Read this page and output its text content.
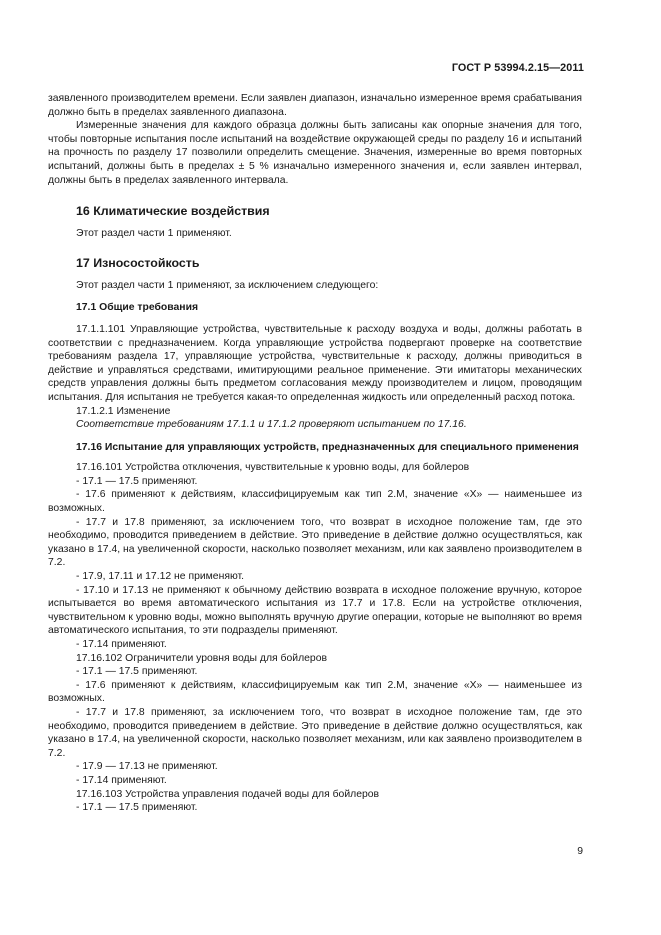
ГОСТ Р 53994.2.15—2011

заявленного производителем времени. Если заявлен диапазон, изначально измеренное время срабатывания должно быть в пределах заявленного диапазона.

Измеренные значения для каждого образца должны быть записаны как опорные значения для того, чтобы повторные испытания после испытаний на воздействие окружающей среды по разделу 16 и испытаний на прочность по разделу 17 позволили определить смещение. Значения, измеренные во время повторных испытаний, должны быть в пределах ± 5 % изначально измеренного значения и, если заявлен интервал, должны быть в пределах заявленного интервала.

16 Климатические воздействия

Этот раздел части 1 применяют.

17 Износостойкость

Этот раздел части 1 применяют, за исключением следующего:

17.1 Общие требования

17.1.1.101 Управляющие устройства, чувствительные к расходу воздуха и воды, должны работать в соответствии с предназначением. Когда управляющие устройства подвергают проверке на соответствие требованиям раздела 17, управляющие устройства, чувствительные к расходу, должны приводиться в действие и управляться средствами, имитирующими реальное применение. Эти имитаторы механических средств управления должны быть предметом согласования между производителем и лицом, проводящим испытания. Для испытания не требуется какая-то определенная жидкость или определенный расход потока.

17.1.2.1 Изменение

Соответствие требованиям 17.1.1 и 17.1.2 проверяют испытанием по 17.16.

17.16 Испытание для управляющих устройств, предназначенных для специального применения

17.16.101 Устройства отключения, чувствительные к уровню воды, для бойлеров

- 17.1 — 17.5 применяют.

- 17.6 применяют к действиям, классифицируемым как тип 2.М, значение «Х» — наименьшее из возможных.

- 17.7 и 17.8 применяют, за исключением того, что возврат в исходное положение там, где это необходимо, проводится приведением в действие. Это приведение в действие должно осуществляться, как указано в 17.4, на увеличенной скорости, насколько позволяет механизм, или как заявлено производителем в 7.2.

- 17.9, 17.11 и 17.12 не применяют.

- 17.10 и 17.13 не применяют к обычному действию возврата в исходное положение вручную, которое испытывается во время автоматического испытания из 17.7 и 17.8. Если на устройстве отключения, чувствительном к уровню воды, можно выполнять вручную другие операции, которые не выполняют во время автоматического испытания, то эти подразделы применяют.

- 17.14 применяют.

17.16.102 Ограничители уровня воды для бойлеров

- 17.1 — 17.5 применяют.

- 17.6 применяют к действиям, классифицируемым как тип 2.М, значение «Х» — наименьшее из возможных.

- 17.7 и 17.8 применяют, за исключением того, что возврат в исходное положение там, где это необходимо, проводится приведением в действие. Это приведение в действие должно осуществляться, как указано в 17.4, на увеличенной скорости, насколько позволяет механизм, или как заявлено производителем в 7.2.

- 17.9 — 17.13 не применяют.

- 17.14 применяют.

17.16.103 Устройства управления подачей воды для бойлеров

- 17.1 — 17.5 применяют.

9
